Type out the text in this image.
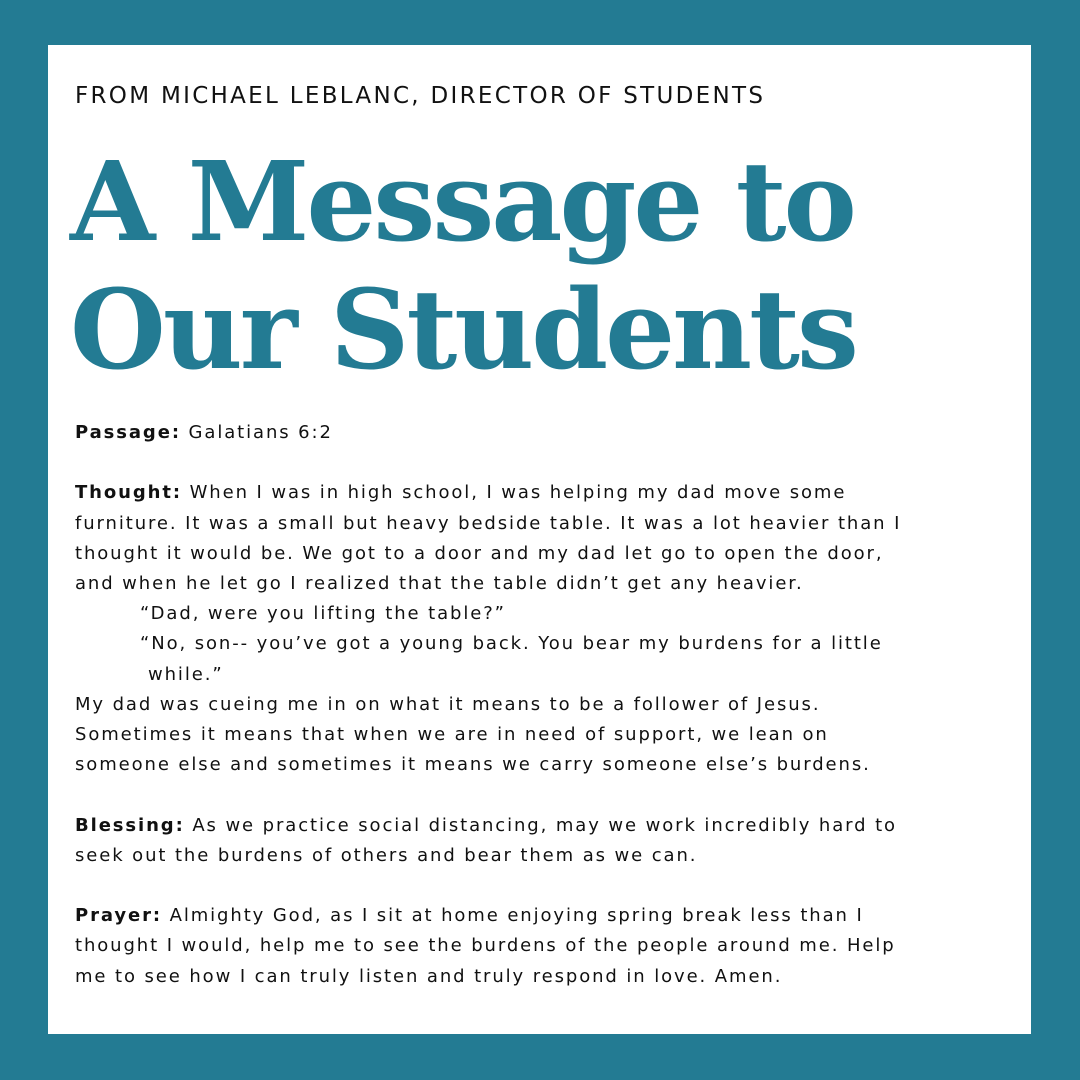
FROM MICHAEL LEBLANC, DIRECTOR OF STUDENTS
A Message to
Our Students

Passage: Galatians 6:2

Thought: When I was in high school, I was helping my dad move some

furniture. It was a small but heavy bedside table. It was a lot heavier than I

thought it would be. We got to a door and my dad let go to open the door,

and when he let go I realized that the table didn’t get any heavier.

“Dad, were you lifting the table?”

“No, son-- you’ve got a young back. You bear my burdens for a little

while.”

My dad was cueing me in on what it means to be a follower of Jesus.

Sometimes it means that when we are in need of support, we lean on

someone else and sometimes it means we carry someone else’s burdens.

Blessing: As we practice social distancing, may we work incredibly hard to

seek out the burdens of others and bear them as we can.

Prayer: Almighty God, as I sit at home enjoying spring break less than I

thought I would, help me to see the burdens of the people around me. Help

me to see how I can truly listen and truly respond in love. Amen.
